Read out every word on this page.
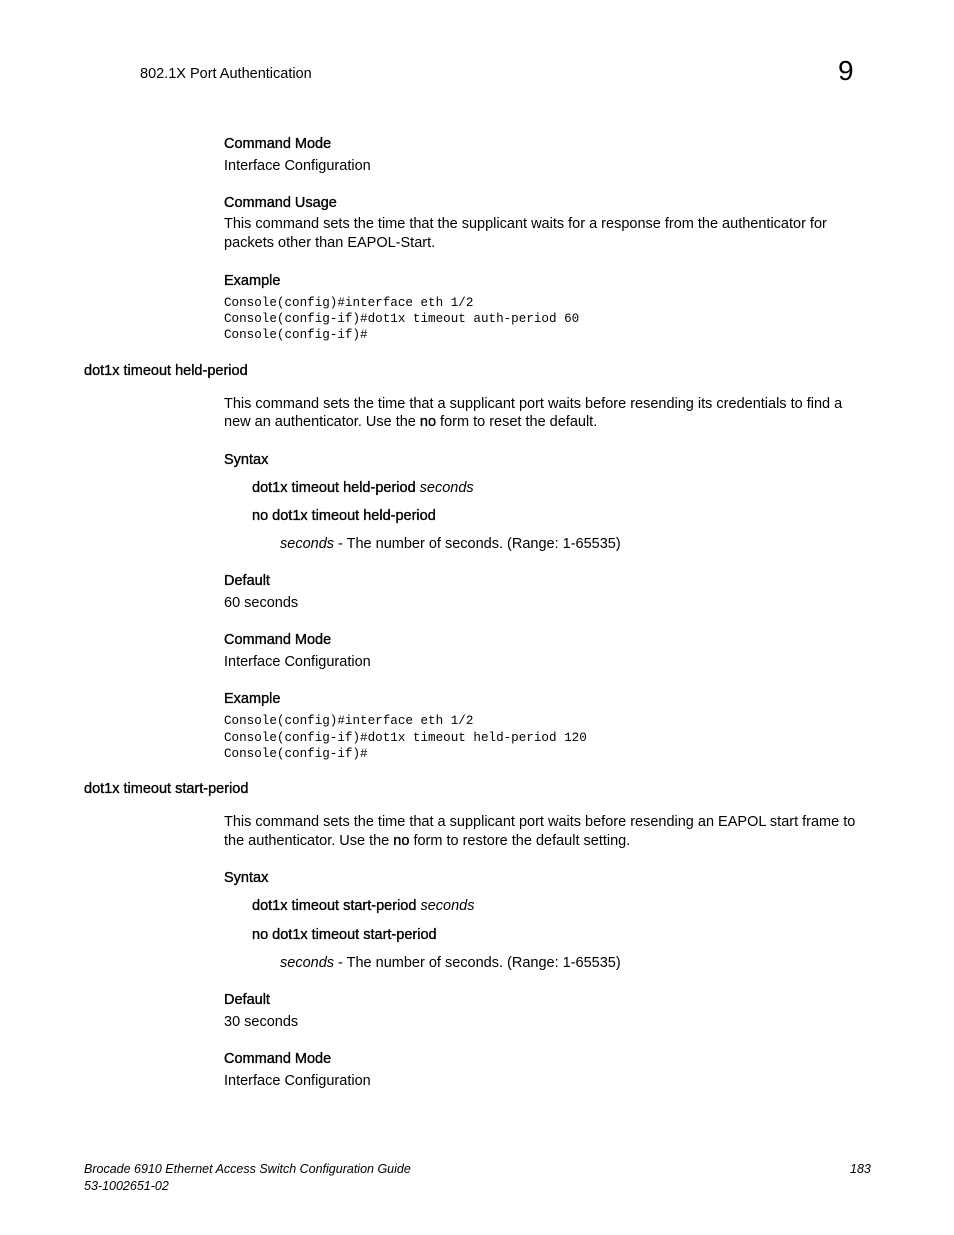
802.1X Port Authentication	9
Command Mode
Interface Configuration
Command Usage
This command sets the time that the supplicant waits for a response from the authenticator for
packets other than EAPOL-Start.
Example
Console(config)#interface eth 1/2
Console(config-if)#dot1x timeout auth-period 60
Console(config-if)#
dot1x timeout held-period
This command sets the time that a supplicant port waits before resending its credentials to find a
new an authenticator. Use the no form to reset the default.
Syntax
dot1x timeout held-period seconds
no dot1x timeout held-period
seconds - The number of seconds. (Range: 1-65535)
Default
60 seconds
Command Mode
Interface Configuration
Example
Console(config)#interface eth 1/2
Console(config-if)#dot1x timeout held-period 120
Console(config-if)#
dot1x timeout start-period
This command sets the time that a supplicant port waits before resending an EAPOL start frame to
the authenticator. Use the no form to restore the default setting.
Syntax
dot1x timeout start-period seconds
no dot1x timeout start-period
seconds - The number of seconds. (Range: 1-65535)
Default
30 seconds
Command Mode
Interface Configuration
Brocade 6910 Ethernet Access Switch Configuration Guide
53-1002651-02
183
